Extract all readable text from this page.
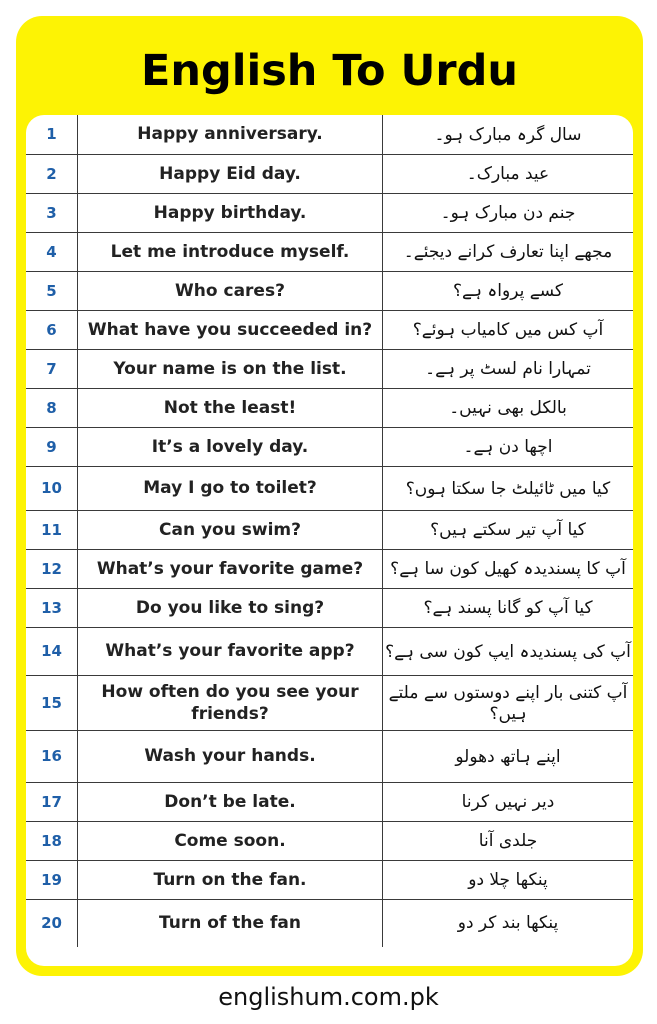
English To Urdu
1	Happy anniversary.	سال گرہ مبارک ہو۔
2	Happy Eid day.	عید مبارک۔
3	Happy birthday.	جنم دن مبارک ہو۔
4	Let me introduce myself.	مجھے اپنا تعارف کرانے دیجئے۔
5	Who cares?	کسے پرواہ ہے؟
6	What have you succeeded in?	آپ کس میں کامیاب ہوئے؟
7	Your name is on the list.	تمہارا نام لسٹ پر ہے۔
8	Not the least!	بالکل بھی نہیں۔
9	It’s a lovely day.	اچھا دن ہے۔
10	May I go to toilet?	کیا میں ٹائیلٹ جا سکتا ہوں؟
11	Can you swim?	کیا آپ تیر سکتے ہیں؟
12	What’s your favorite game?	آپ کا پسندیدہ کھیل کون سا ہے؟
13	Do you like to sing?	کیا آپ کو گانا پسند ہے؟
14	What’s your favorite app?	آپ کی پسندیدہ ایپ کون سی ہے؟
15	How often do you see your friends?	آپ کتنی بار اپنے دوستوں سے ملتے ہیں؟
16	Wash your hands.	اپنے ہاتھ دھولو
17	Don’t be late.	دیر نہیں کرنا
18	Come soon.	جلدی آنا
19	Turn on the fan.	پنکھا چلا دو
20	Turn of the fan	پنکھا بند کر دو
englishum.com.pk
